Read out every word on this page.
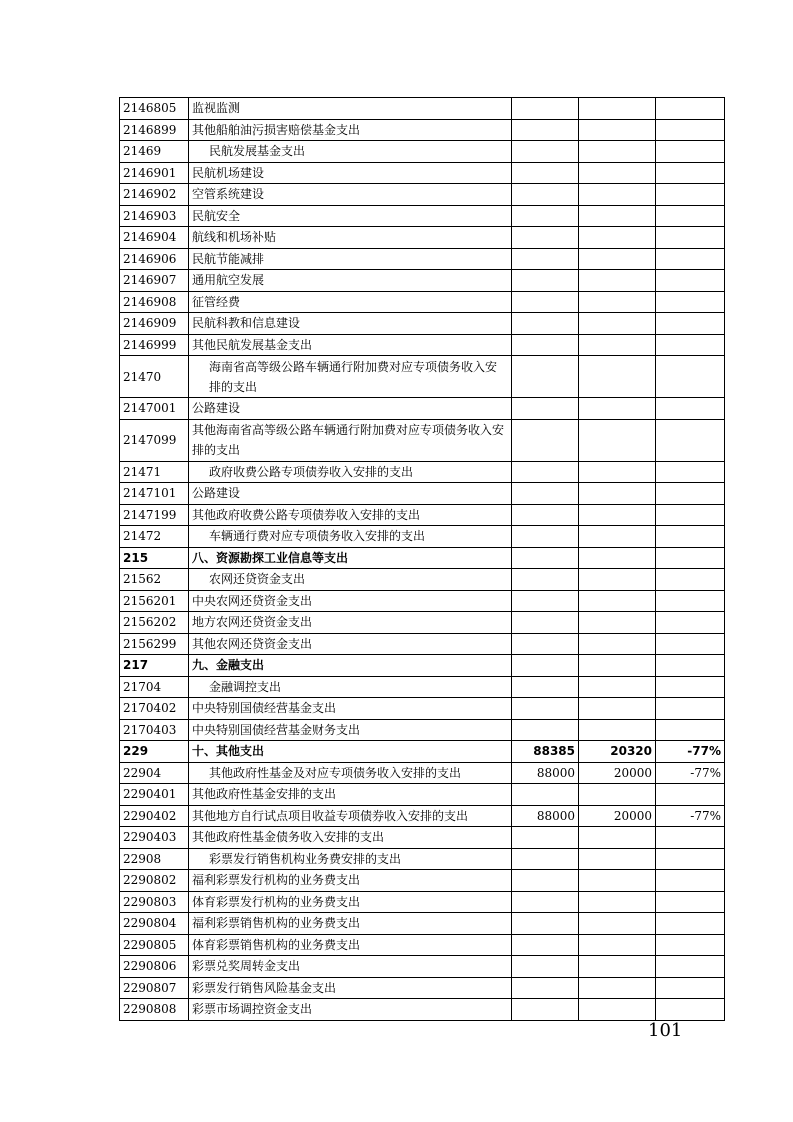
2146805	监视监测			
2146899	其他船舶油污损害赔偿基金支出			
21469	民航发展基金支出			
2146901	民航机场建设			
2146902	空管系统建设			
2146903	民航安全			
2146904	航线和机场补贴			
2146906	民航节能减排			
2146907	通用航空发展			
2146908	征管经费			
2146909	民航科教和信息建设			
2146999	其他民航发展基金支出			
21470	海南省高等级公路车辆通行附加费对应专项债务收入安排的支出			
2147001	公路建设			
2147099	其他海南省高等级公路车辆通行附加费对应专项债务收入安排的支出			
21471	政府收费公路专项债券收入安排的支出			
2147101	公路建设			
2147199	其他政府收费公路专项债券收入安排的支出			
21472	车辆通行费对应专项债务收入安排的支出			
215	八、资源勘探工业信息等支出			
21562	农网还贷资金支出			
2156201	中央农网还贷资金支出			
2156202	地方农网还贷资金支出			
2156299	其他农网还贷资金支出			
217	九、金融支出			
21704	金融调控支出			
2170402	中央特别国债经营基金支出			
2170403	中央特别国债经营基金财务支出			
229	十、其他支出	88385	20320	-77%
22904	其他政府性基金及对应专项债务收入安排的支出	88000	20000	-77%
2290401	其他政府性基金安排的支出			
2290402	其他地方自行试点项目收益专项债券收入安排的支出	88000	20000	-77%
2290403	其他政府性基金债务收入安排的支出			
22908	彩票发行销售机构业务费安排的支出			
2290802	福利彩票发行机构的业务费支出			
2290803	体育彩票发行机构的业务费支出			
2290804	福利彩票销售机构的业务费支出			
2290805	体育彩票销售机构的业务费支出			
2290806	彩票兑奖周转金支出			
2290807	彩票发行销售风险基金支出			
2290808	彩票市场调控资金支出			
101
